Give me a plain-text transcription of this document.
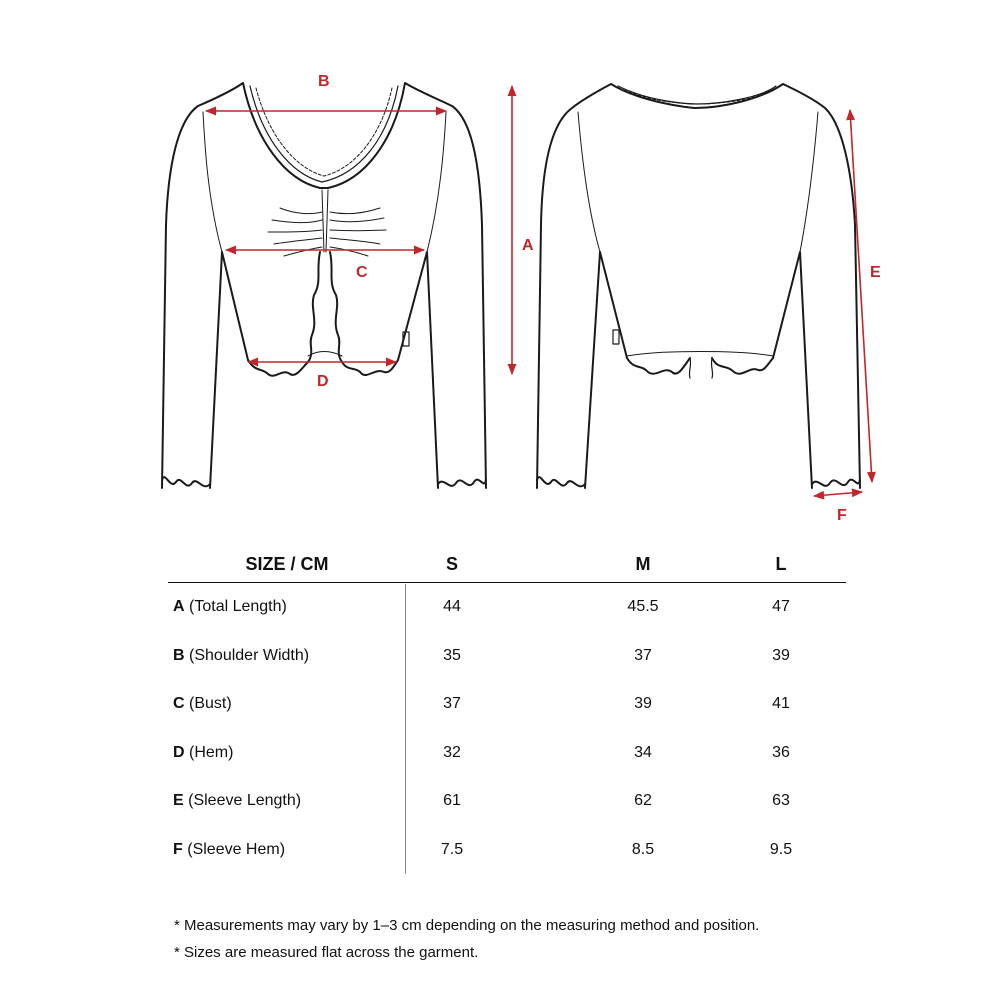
B
C
D
A
E
F
SIZE / CM	S	M	L
A (Total Length)	44	45.5	47
B (Shoulder Width)	35	37	39
C (Bust)	37	39	41
D (Hem)	32	34	36
E (Sleeve Length)	61	62	63
F (Sleeve Hem)	7.5	8.5	9.5

* Measurements may vary by 1–3 cm depending on the measuring method and position.

* Sizes are measured flat across the garment.
